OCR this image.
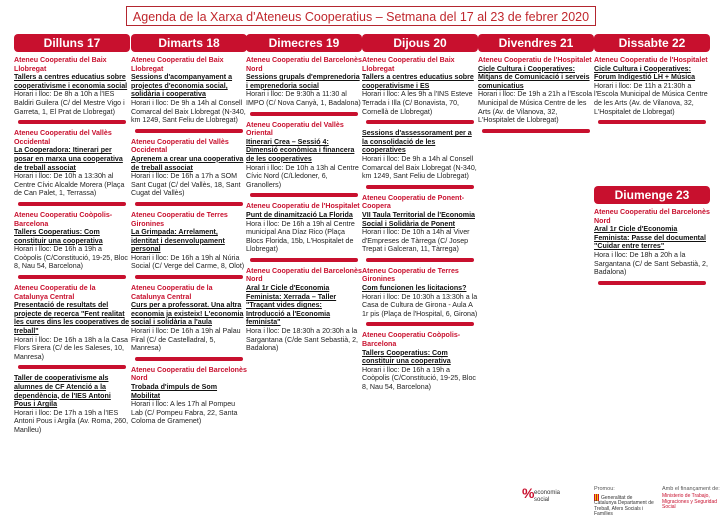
Agenda de la Xarxa d'Ateneus Cooperatius – Setmana del 17 al 23 de febrer 2020
Dilluns 17
Ateneu Cooperatiu del Baix Llobregat
Tallers a centres educatius sobre cooperativisme i economia social
Horari i lloc: De 8h a 10h a l'IES Baldiri Guilera (C/ del Mestre Vigo i Garreta, 1, El Prat de Llobregat)
Ateneu Cooperatiu del Vallès Occidental
La Cooperadora: Itinerari per posar en marxa una cooperativa de treball associat
Horari i lloc: De 10h a 13:30h al Centre Cívic Alcalde Morera (Plaça de Can Palet, 1, Terrassa)
Ateneu Cooperatiu Coòpolis-Barcelona
Tallers Cooperatius: Com constituir una cooperativa
Horari i lloc: De 16h a 19h a Coòpolis (C/Constitució, 19-25, Bloc 8, Nau 54, Barcelona)
Ateneu Cooperatiu de la Catalunya Central
Presentació de resultats del projecte de recerca "Fent realitat les cures dins les cooperatives de treball"
Horari i lloc: De 16h a 18h a la Casa Flors Sirera (C/ de les Saleses, 10, Manresa)
Taller de cooperativisme als alumnes de CF Atenció a la dependència, de l'IES Antoni Pous i Argila
Horari i lloc: De 17h a 19h a l'IES Antoni Pous i Argila (Av. Roma, 260, Manlleu)
Dimarts 18
Ateneu Cooperatiu del Baix Llobregat
Sessions d'acompanyament a projectes d'economia social, solidària i cooperativa
Horari i lloc: De 9h a 14h al Consell Comarcal del Baix Llobregat (N-340, km 1249, Sant Feliu de Llobregat)
Ateneu Cooperatiu del Vallès Occidental
Aprenem a crear una cooperativa de treball associat
Horari i lloc: De 16h a 17h a SOM Sant Cugat (C/ del Vallès, 18, Sant Cugat del Vallès)
Ateneu Cooperatiu de Terres Gironines
La Grimpada: Arrelament, identitat i desenvolupament personal
Horari i lloc: De 16h a 19h al Núria Social (C/ Verge del Carme, 8, Olot)
Ateneu Cooperatiu de la Catalunya Central
Curs per a professorat. Una altra economia ja existeix! L'economia social i solidària a l'aula
Horari i lloc: De 16h a 19h al Palau Firal (C/ de Castelladral, 5, Manresa)
Ateneu Cooperatiu del Barcelonès Nord
Trobada d'impuls de Som Mobilitat
Horari i lloc: A les 17h al Pompeu Lab (C/ Pompeu Fabra, 22, Santa Coloma de Gramenet)
Dimecres 19
Ateneu Cooperatiu del Barcelonès Nord
Sessions grupals d'emprenedoria i emprenedoria social
Horari i lloc: De 9:30h a 11:30 al IMPO (C/ Nova Canyà, 1, Badalona)
Ateneu Cooperatiu del Vallès Oriental
Itinerari Crea – Sessió 4: Dimensió econòmica i financera de les cooperatives
Horari i lloc: De 10h a 13h al Centre Cívic Nord (C/Lledoner, 6, Granollers)
Ateneu Cooperatiu de l'Hospitalet
Punt de dinamització La Florida
Hora i lloc: De 16h a 19h al Centre municipal Ana Díaz Rico (Plaça Blocs Florida, 15b, L'Hospitalet de Llobregat)
Ateneu Cooperatiu del Barcelonès Nord
Aral 1r Cicle d'Economia Feminista: Xerrada – Taller "Traçant vides dignes: Introducció a l'Economia feminista"
Hora i lloc: De 18:30h a 20:30h a la Sargantana (C/de Sant Sebastià, 2, Badalona)
Dijous 20
Ateneu Cooperatiu del Baix Llobregat
Tallers a centres educatius sobre cooperativisme i ES
Horari i lloc: A les 9h a l'INS Esteve Terrada i Illa (C/ Bonavista, 70, Cornellà de Llobregat)
Sessions d'assessorament per a la consolidació de les cooperatives
Horari i lloc: De 9h a 14h al Consell Comarcal del Baix Llobregat (N-340, km 1249, Sant Feliu de Llobregat)
Ateneu Cooperatiu de Ponent-Coopera
VII Taula Territorial de l'Economia Social i Solidària de Ponent
Horari i lloc: De 10h a 14h al Viver d'Empreses de Tàrrega (C/ Josep Trepat i Galceran, 11, Tàrrega)
Ateneu Cooperatiu de Terres Gironines
Com funcionen les licitacions?
Horari i lloc: De 10:30h a 13:30h a la Casa de Cultura de Girona - Aula A 1r pis (Plaça de l'Hospital, 6, Girona)
Ateneu Cooperatiu Coòpolis-Barcelona
Tallers Cooperatius: Com constituir una cooperativa
Horari i lloc: De 16h a 19h a Coòpolis (C/Constitució, 19-25, Bloc 8, Nau 54, Barcelona)
Divendres 21
Ateneu Cooperatiu de l'Hospitalet
Cicle Cultura i Cooperatives: Mitjans de Comunicació i serveis comunicatius
Horari i lloc: De 19h a 21h a l'Escola Municipal de Música Centre de les Arts (Av. de Vilanova, 32, L'Hospitalet de Llobregat)
Dissabte 22
Ateneu Cooperatiu de l'Hospitalet
Cicle Cultura i Cooperatives: Forum Indigestió LH + Música
Horari i lloc: De 11h a 21:30h a l'Escola Municipal de Música Centre de les Arts (Av. de Vilanova, 32, L'Hospitalet de Llobregat)
Diumenge 23
Ateneu Cooperatiu del Barcelonès Nord
Aral 1r Cicle d'Economia Feminista: Passe del documental "Cuidar entre terres"
Hora i lloc: De 18h a 20h a la Sargantana (C/ de Sant Sebastià, 2, Badalona)
% economia social
Promou:
Generalitat de Catalunya Departament de Treball, Afers Socials i Famílies
Amb el finançament de:
Ministerio de Trabajo, Migraciones y Seguridad Social
